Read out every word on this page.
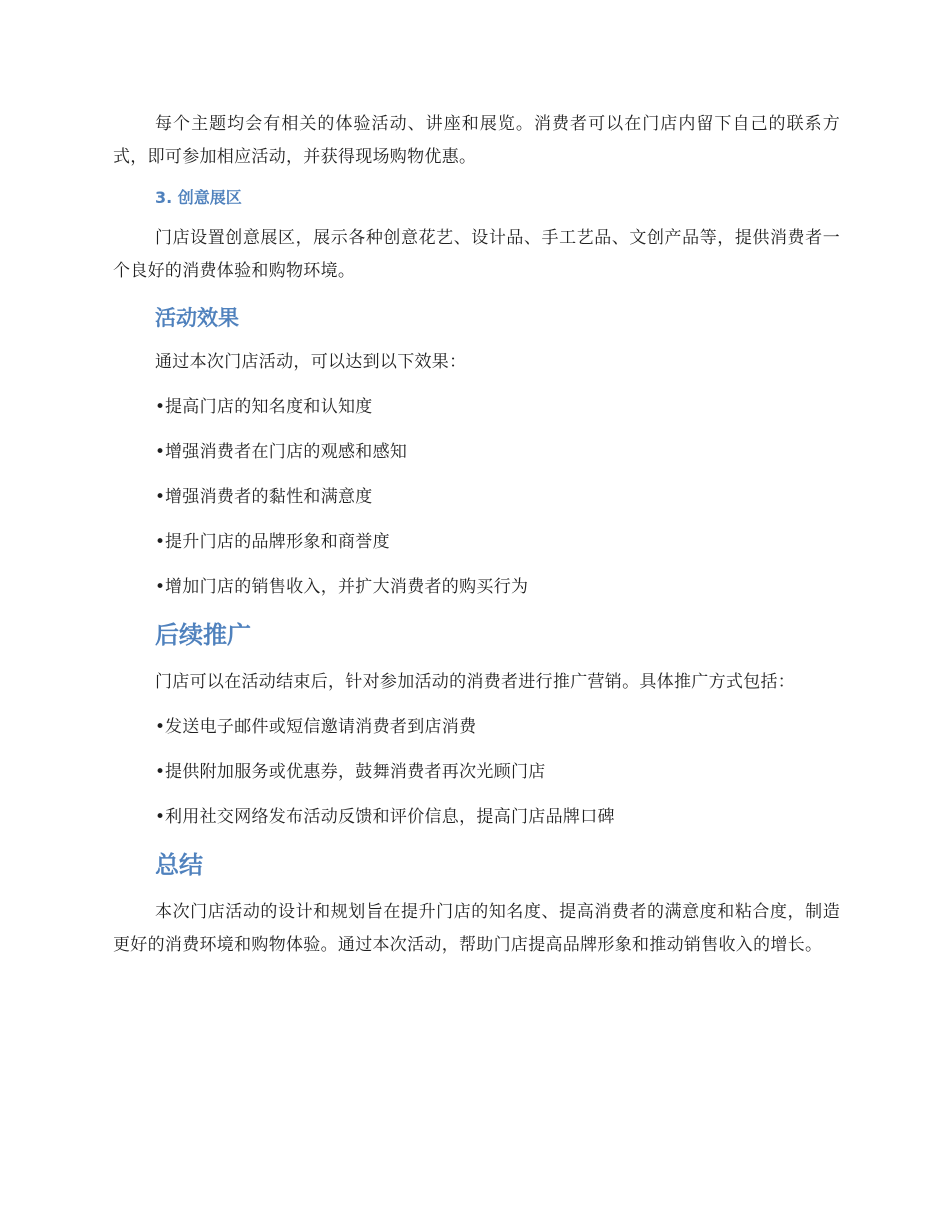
每个主题均会有相关的体验活动、讲座和展览。消费者可以在门店内留下自己的联系方式，即可参加相应活动，并获得现场购物优惠。

3. 创意展区

门店设置创意展区，展示各种创意花艺、设计品、手工艺品、文创产品等，提供消费者一个良好的消费体验和购物环境。

活动效果

通过本次门店活动，可以达到以下效果：

•提高门店的知名度和认知度
•增强消费者在门店的观感和感知
•增强消费者的黏性和满意度
•提升门店的品牌形象和商誉度
•增加门店的销售收入，并扩大消费者的购买行为
后续推广

门店可以在活动结束后，针对参加活动的消费者进行推广营销。具体推广方式包括：

•发送电子邮件或短信邀请消费者到店消费
•提供附加服务或优惠券，鼓舞消费者再次光顾门店
•利用社交网络发布活动反馈和评价信息，提高门店品牌口碑
总结

本次门店活动的设计和规划旨在提升门店的知名度、提高消费者的满意度和粘合度，制造更好的消费环境和购物体验。通过本次活动，帮助门店提高品牌形象和推动销售收入的增长。
